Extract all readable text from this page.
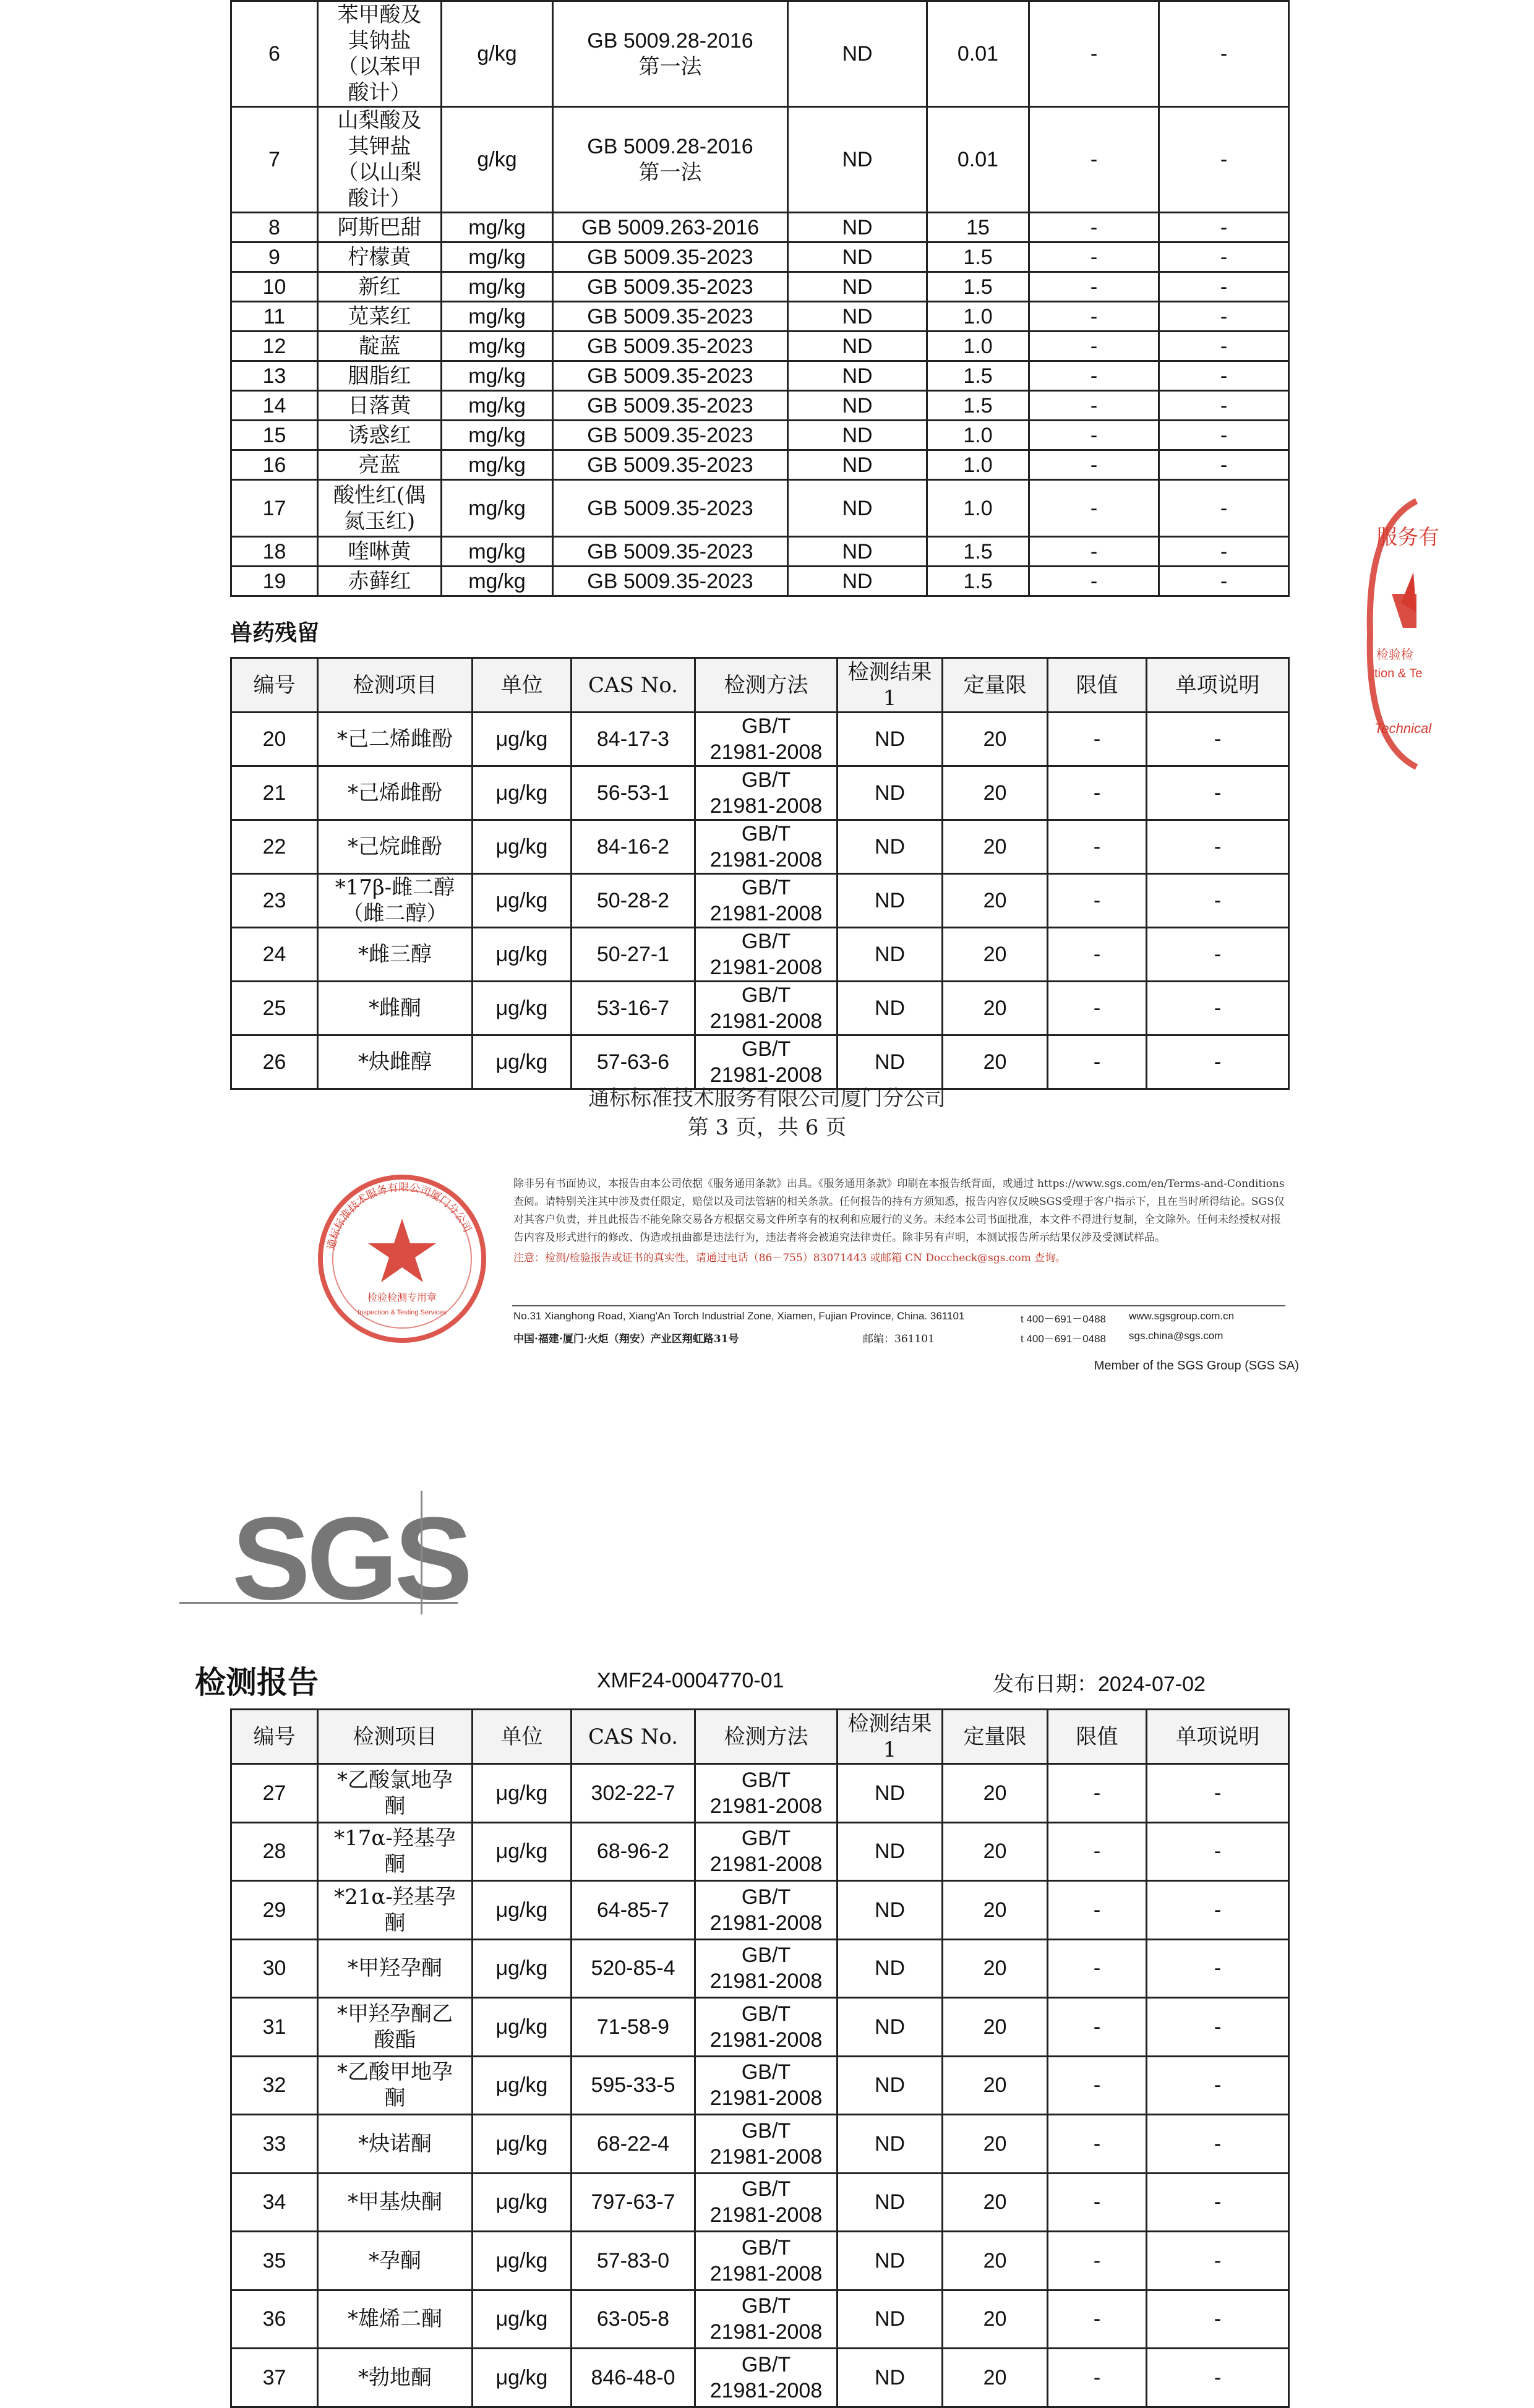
6	苯甲酸及其钠盐（以苯甲酸计）	g/kg	GB 5009.28-2016
第一法	ND	0.01	-	-
7	山梨酸及其钾盐（以山梨酸计）	g/kg	GB 5009.28-2016
第一法	ND	0.01	-	-
8	阿斯巴甜	mg/kg	GB 5009.263-2016	ND	15	-	-
9	柠檬黄	mg/kg	GB 5009.35-2023	ND	1.5	-	-
10	新红	mg/kg	GB 5009.35-2023	ND	1.5	-	-
11	苋菜红	mg/kg	GB 5009.35-2023	ND	1.0	-	-
12	靛蓝	mg/kg	GB 5009.35-2023	ND	1.0	-	-
13	胭脂红	mg/kg	GB 5009.35-2023	ND	1.5	-	-
14	日落黄	mg/kg	GB 5009.35-2023	ND	1.5	-	-
15	诱惑红	mg/kg	GB 5009.35-2023	ND	1.0	-	-
16	亮蓝	mg/kg	GB 5009.35-2023	ND	1.0	-	-
17	酸性红(偶氮玉红)	mg/kg	GB 5009.35-2023	ND	1.0	-	-
18	喹啉黄	mg/kg	GB 5009.35-2023	ND	1.5	-	-
19	赤藓红	mg/kg	GB 5009.35-2023	ND	1.5	-	-
兽药残留
编号	检测项目	单位	CAS No.	检测方法	检测结果1	定量限	限值	单项说明
20	*己二烯雌酚	μg/kg	84-17-3	GB/T
21981-2008	ND	20	-	-
21	*己烯雌酚	μg/kg	56-53-1	GB/T
21981-2008	ND	20	-	-
22	*己烷雌酚	μg/kg	84-16-2	GB/T
21981-2008	ND	20	-	-
23	*17β-雌二醇（雌二醇）	μg/kg	50-28-2	GB/T
21981-2008	ND	20	-	-
24	*雌三醇	μg/kg	50-27-1	GB/T
21981-2008	ND	20	-	-
25	*雌酮	μg/kg	53-16-7	GB/T
21981-2008	ND	20	-	-
26	*炔雌醇	μg/kg	57-63-6	GB/T
21981-2008	ND	20	-	-
通标标准技术服务有限公司厦门分公司
第 3 页，共 6 页
检验检测专用章
Inspection & Testing Services
通标标准技术服务有限公司厦门分公司
除非另有书面协议，本报告由本公司依据《服务通用条款》出具。《服务通用条款》印刷在本报告纸背面，或通过 https://www.sgs.com/en/Terms-and-Conditions 查阅。请特别关注其中涉及责任限定，赔偿以及司法管辖的相关条款。任何报告的持有方须知悉，报告内容仅反映SGS受理于客户指示下，且在当时所得结论。SGS仅对其客户负责，并且此报告不能免除交易各方根据交易文件所享有的权利和应履行的义务。未经本公司书面批准，本文件不得进行复制，全文除外。任何未经授权对报告内容及形式进行的修改、伪造或扭曲都是违法行为，违法者将会被追究法律责任。除非另有声明，本测试报告所示结果仅涉及受测试样品。
注意：检测/检验报告或证书的真实性，请通过电话（86－755）83071443 或邮箱 CN Doccheck@sgs.com 查询。
No.31 Xianghong Road, Xiang'An Torch Industrial Zone, Xiamen, Fujian Province, China. 361101	t 400－691－0488 www.sgsgroup.com.cn
中国·福建·厦门·火炬（翔安）产业区翔虹路31号	邮编：361101	t 400－691－0488 sgs.china@sgs.com
Member of the SGS Group (SGS SA)
服务有
检验检
tion & Te
Technical
SGS
检测报告	XMF24-0004770-01	发布日期：2024-07-02
编号	检测项目	单位	CAS No.	检测方法	检测结果1	定量限	限值	单项说明
27	*乙酸氯地孕酮	μg/kg	302-22-7	GB/T
21981-2008	ND	20	-	-
28	*17α-羟基孕酮	μg/kg	68-96-2	GB/T
21981-2008	ND	20	-	-
29	*21α-羟基孕酮	μg/kg	64-85-7	GB/T
21981-2008	ND	20	-	-
30	*甲羟孕酮	μg/kg	520-85-4	GB/T
21981-2008	ND	20	-	-
31	*甲羟孕酮乙酸酯	μg/kg	71-58-9	GB/T
21981-2008	ND	20	-	-
32	*乙酸甲地孕酮	μg/kg	595-33-5	GB/T
21981-2008	ND	20	-	-
33	*炔诺酮	μg/kg	68-22-4	GB/T
21981-2008	ND	20	-	-
34	*甲基炔酮	μg/kg	797-63-7	GB/T
21981-2008	ND	20	-	-
35	*孕酮	μg/kg	57-83-0	GB/T
21981-2008	ND	20	-	-
36	*雄烯二酮	μg/kg	63-05-8	GB/T
21981-2008	ND	20	-	-
37	*勃地酮	μg/kg	846-48-0	GB/T
21981-2008	ND	20	-	-
